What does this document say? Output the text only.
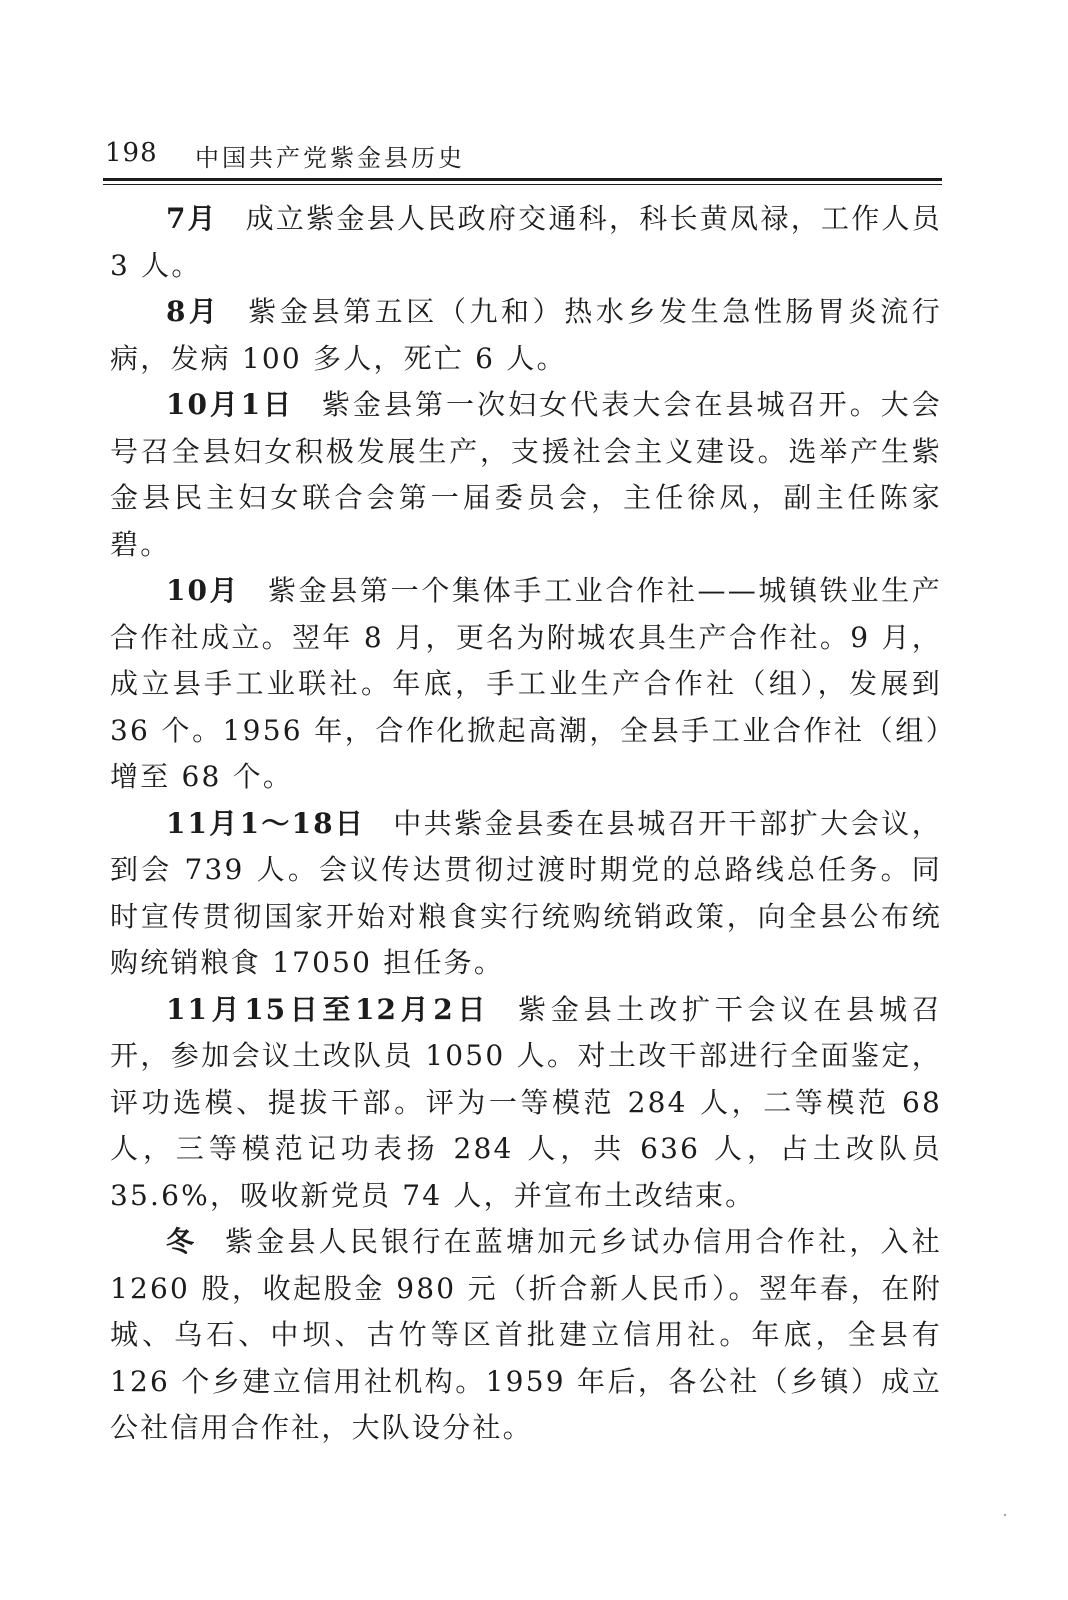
198 中国共产党紫金县历史

7月 成立紫金县人民政府交通科，科长黄凤禄，工作人员 3 人。

8月 紫金县第五区（九和）热水乡发生急性肠胃炎流行病，发病 100 多人，死亡 6 人。

10月1日 紫金县第一次妇女代表大会在县城召开。大会号召全县妇女积极发展生产，支援社会主义建设。选举产生紫金县民主妇女联合会第一届委员会，主任徐凤，副主任陈家碧。

10月 紫金县第一个集体手工业合作社——城镇铁业生产合作社成立。翌年 8 月，更名为附城农具生产合作社。9 月，成立县手工业联社。年底，手工业生产合作社（组），发展到 36 个。1956 年，合作化掀起高潮，全县手工业合作社（组）增至 68 个。

11月1～18日 中共紫金县委在县城召开干部扩大会议，到会 739 人。会议传达贯彻过渡时期党的总路线总任务。同时宣传贯彻国家开始对粮食实行统购统销政策，向全县公布统购统销粮食 17050 担任务。

11月15日至12月2日 紫金县土改扩干会议在县城召开，参加会议土改队员 1050 人。对土改干部进行全面鉴定，评功选模、提拔干部。评为一等模范 284 人，二等模范 68 人，三等模范记功表扬 284 人，共 636 人，占土改队员 35.6%，吸收新党员 74 人，并宣布土改结束。

冬 紫金县人民银行在蓝塘加元乡试办信用合作社，入社 1260 股，收起股金 980 元（折合新人民币）。翌年春，在附城、乌石、中坝、古竹等区首批建立信用社。年底，全县有 126 个乡建立信用社机构。1959 年后，各公社（乡镇）成立公社信用合作社，大队设分社。
